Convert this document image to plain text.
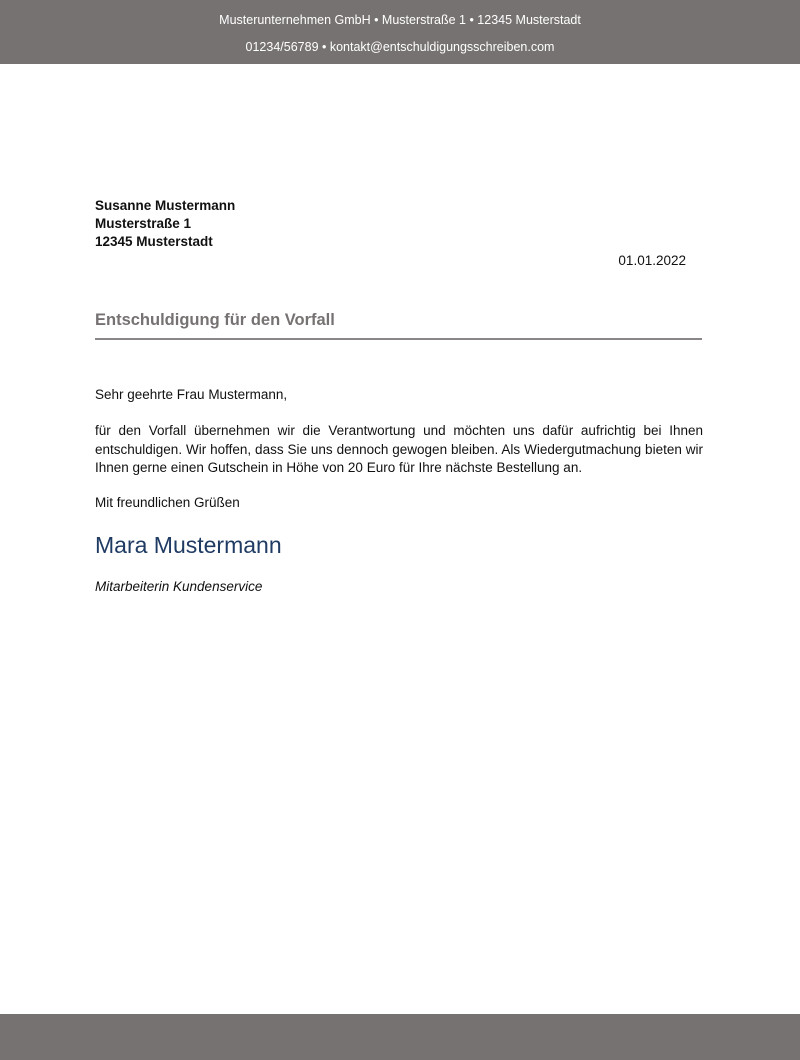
Musterunternehmen GmbH • Musterstraße 1 • 12345 Musterstadt
01234/56789 • kontakt@entschuldigungsschreiben.com
Susanne Mustermann
Musterstraße 1
12345 Musterstadt
01.01.2022
Entschuldigung für den Vorfall
Sehr geehrte Frau Mustermann,
für den Vorfall übernehmen wir die Verantwortung und möchten uns dafür aufrichtig bei Ihnen entschuldigen. Wir hoffen, dass Sie uns dennoch gewogen bleiben. Als Wiedergutmachung bieten wir Ihnen gerne einen Gutschein in Höhe von 20 Euro für Ihre nächste Bestellung an.
Mit freundlichen Grüßen
Mara Mustermann
Mitarbeiterin Kundenservice
